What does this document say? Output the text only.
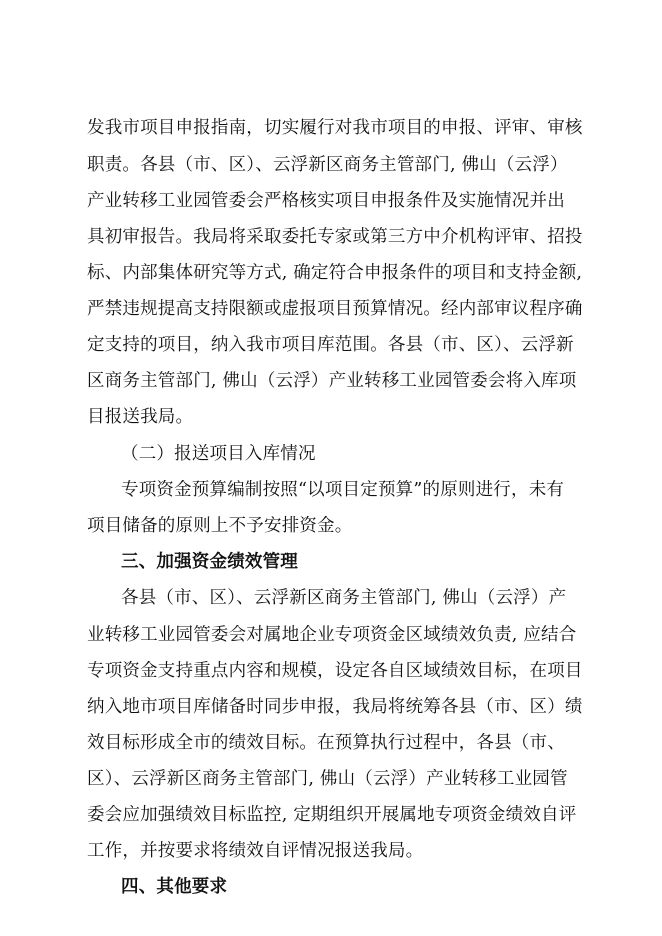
发我市项目申报指南，切实履行对我市项目的申报、评审、审核
职责。各县（市、区）、云浮新区商务主管部门, 佛山（云浮）
产业转移工业园管委会严格核实项目申报条件及实施情况并出
具初审报告。我局将采取委托专家或第三方中介机构评审、招投
标、内部集体研究等方式, 确定符合申报条件的项目和支持金额,
严禁违规提高支持限额或虚报项目预算情况。经内部审议程序确
定支持的项目，纳入我市项目库范围。各县（市、区）、云浮新
区商务主管部门, 佛山（云浮）产业转移工业园管委会将入库项
目报送我局。
（二）报送项目入库情况
专项资金预算编制按照“以项目定预算”的原则进行，未有
项目储备的原则上不予安排资金。
三、加强资金绩效管理
各县（市、区）、云浮新区商务主管部门, 佛山（云浮）产
业转移工业园管委会对属地企业专项资金区域绩效负责, 应结合
专项资金支持重点内容和规模，设定各自区域绩效目标，在项目
纳入地市项目库储备时同步申报，我局将统筹各县（市、区）绩
效目标形成全市的绩效目标。在预算执行过程中，各县（市、
区）、云浮新区商务主管部门, 佛山（云浮）产业转移工业园管
委会应加强绩效目标监控, 定期组织开展属地专项资金绩效自评
工作，并按要求将绩效自评情况报送我局。
四、其他要求
